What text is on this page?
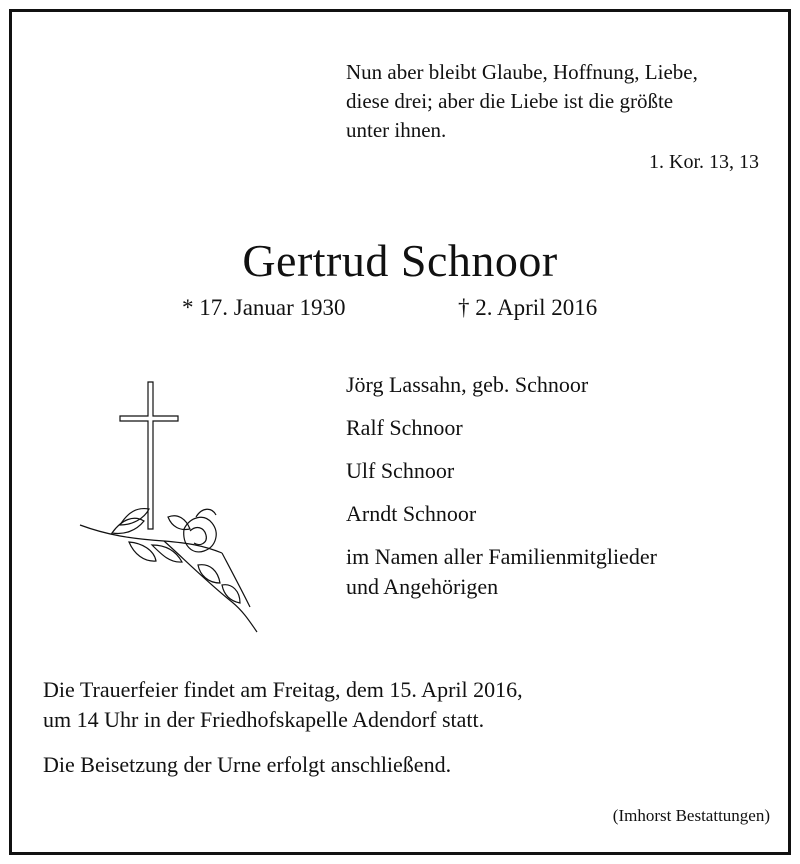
Nun aber bleibt Glaube, Hoffnung, Liebe,
diese drei; aber die Liebe ist die größte
unter ihnen.
1. Kor. 13, 13
Gertrud Schnoor
* 17. Januar 1930	† 2. April 2016
Jörg Lassahn, geb. Schnoor
Ralf Schnoor
Ulf Schnoor
Arndt Schnoor
im Namen aller Familienmitglieder
und Angehörigen
Die Trauerfeier findet am Freitag, dem 15. April 2016,
um 14 Uhr in der Friedhofskapelle Adendorf statt.
Die Beisetzung der Urne erfolgt anschließend.
(Imhorst Bestattungen)
